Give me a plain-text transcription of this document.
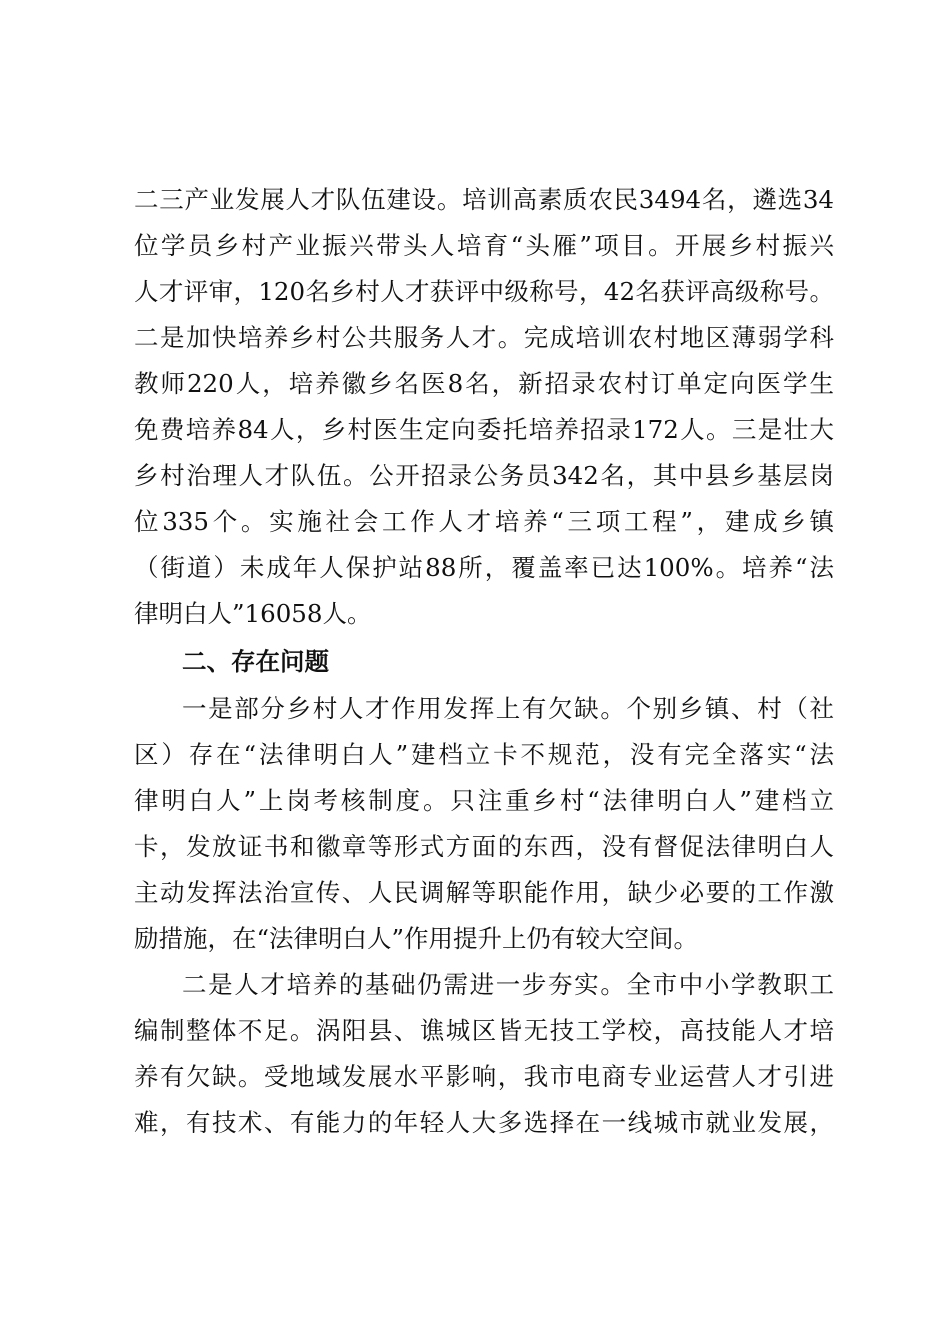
二三产业发展人才队伍建设。培训高素质农民3494名，遴选34
位学员乡村产业振兴带头人培育“头雁”项目。开展乡村振兴
人才评审，120名乡村人才获评中级称号，42名获评高级称号。
二是加快培养乡村公共服务人才。完成培训农村地区薄弱学科
教师220人，培养徽乡名医8名，新招录农村订单定向医学生
免费培养84人，乡村医生定向委托培养招录172人。三是壮大
乡村治理人才队伍。公开招录公务员342名，其中县乡基层岗
位335个。实施社会工作人才培养“三项工程”，建成乡镇
（街道）未成年人保护站88所，覆盖率已达100%。培养“法
律明白人”16058人。
二、存在问题
一是部分乡村人才作用发挥上有欠缺。个别乡镇、村（社
区）存在“法律明白人”建档立卡不规范，没有完全落实“法
律明白人”上岗考核制度。只注重乡村“法律明白人”建档立
卡，发放证书和徽章等形式方面的东西，没有督促法律明白人
主动发挥法治宣传、人民调解等职能作用，缺少必要的工作激
励措施，在“法律明白人”作用提升上仍有较大空间。
二是人才培养的基础仍需进一步夯实。全市中小学教职工
编制整体不足。涡阳县、谯城区皆无技工学校，高技能人才培
养有欠缺。受地域发展水平影响，我市电商专业运营人才引进
难，有技术、有能力的年轻人大多选择在一线城市就业发展，
